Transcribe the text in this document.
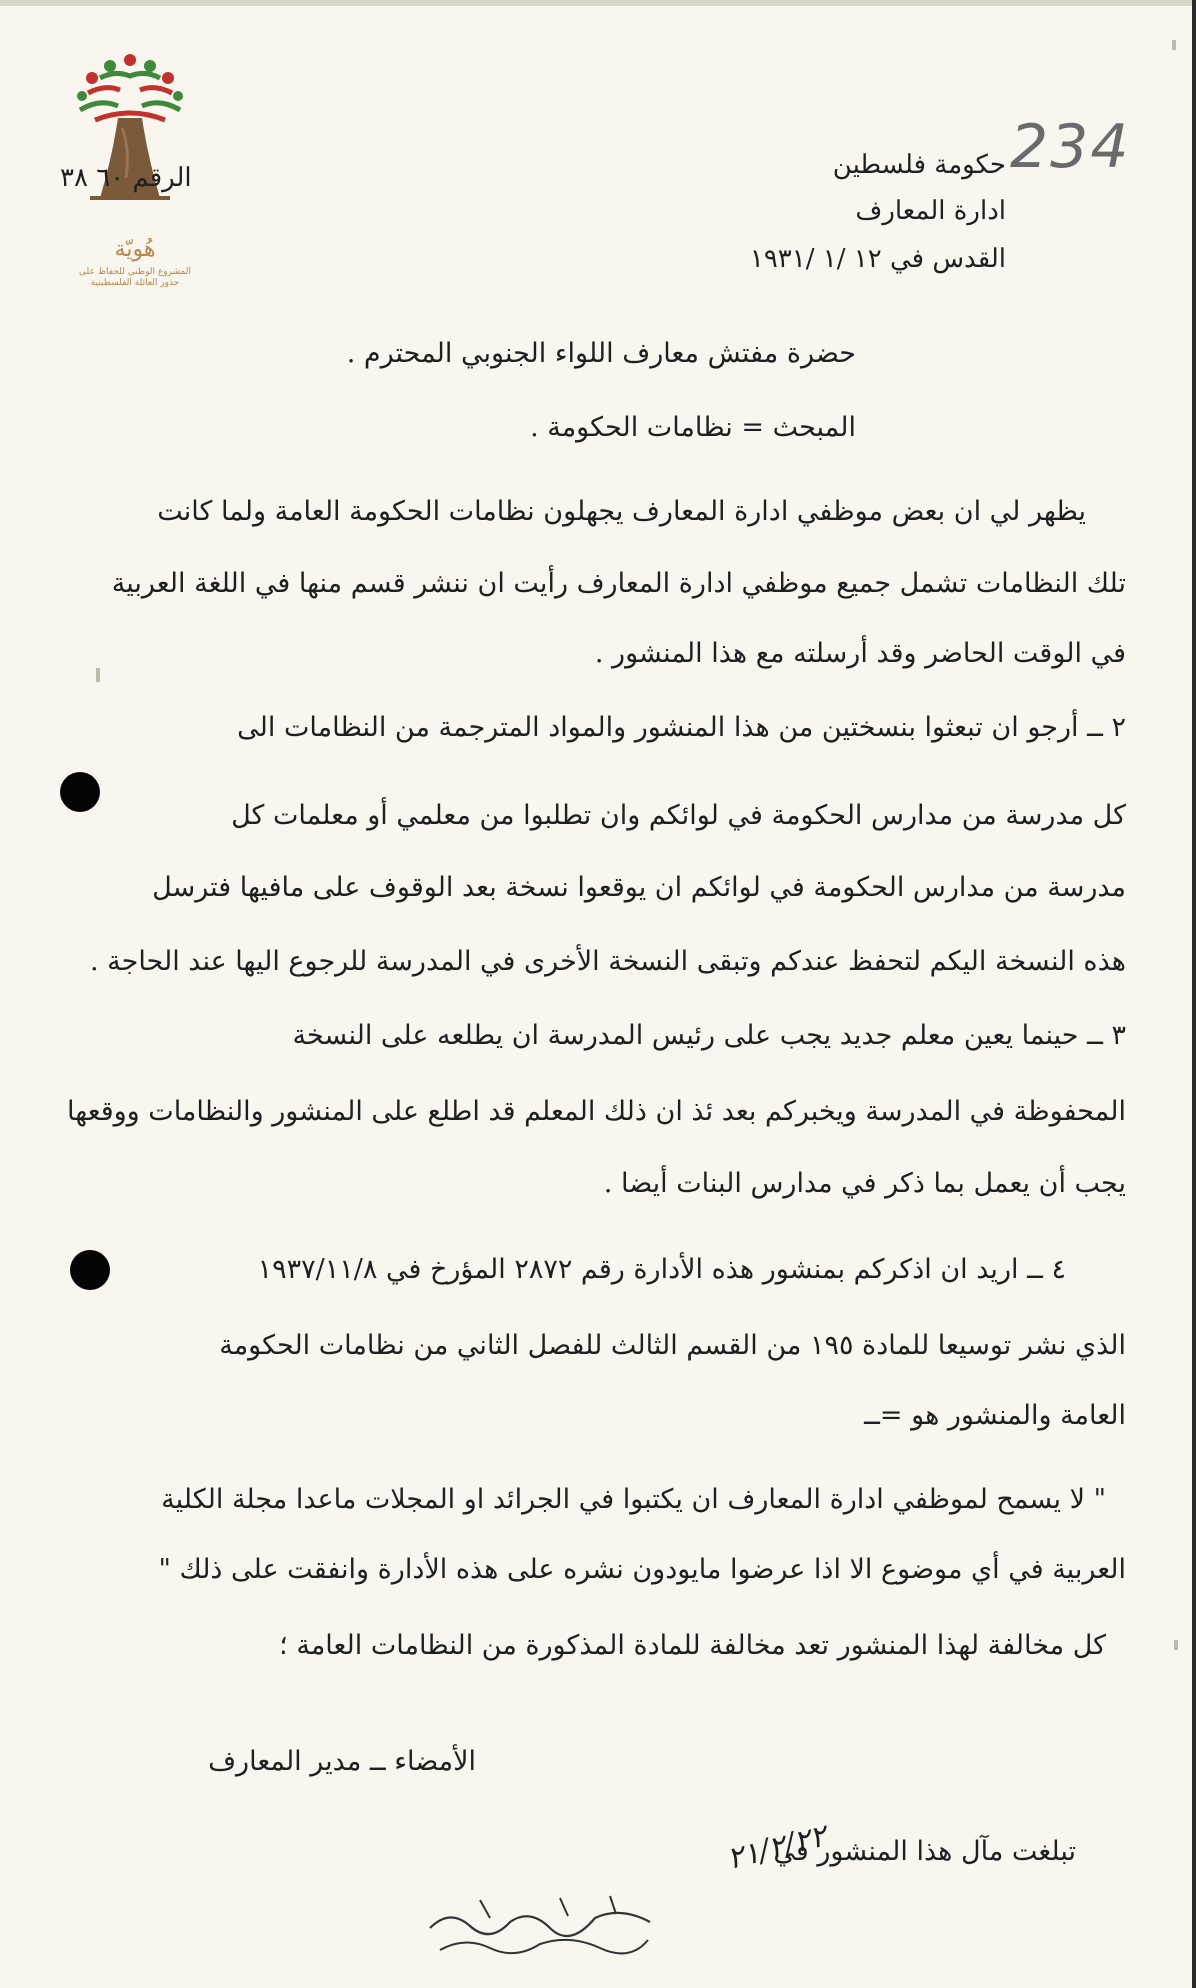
الرقم ٦٠ ٣٨
هُويّة
المشروع الوطني للحفاظ على
جذور العائلة الفلسطينية
234
حكومة فلسطين
ادارة المعارف
القدس في ١٢ /١ /١٩٣١
حضرة مفتش معارف اللواء الجنوبي المحترم .
المبحث = نظامات الحكومة .
يظهر لي ان بعض موظفي ادارة المعارف يجهلون نظامات الحكومة العامة ولما كانت
تلك النظامات تشمل جميع موظفي ادارة المعارف رأيت ان ننشر قسم منها في اللغة العربية
في الوقت الحاضر وقد أرسلته مع هذا المنشور .
٢ ــ أرجو ان تبعثوا بنسختين من هذا المنشور والمواد المترجمة من النظامات الى
كل مدرسة من مدارس الحكومة في لوائكم وان تطلبوا من معلمي أو معلمات كل
مدرسة من مدارس الحكومة في لوائكم ان يوقعوا نسخة بعد الوقوف على مافيها فترسل
هذه النسخة اليكم لتحفظ عندكم وتبقى النسخة الأخرى في المدرسة للرجوع اليها عند الحاجة .
٣ ــ حينما يعين معلم جديد يجب على رئيس المدرسة ان يطلعه على النسخة
المحفوظة في المدرسة ويخبركم بعد ئذ ان ذلك المعلم قد اطلع على المنشور والنظامات ووقعها
يجب أن يعمل بما ذكر في مدارس البنات أيضا .
٤ ــ اريد ان اذكركم بمنشور هذه الأدارة رقم ٢٨٧٢ المؤرخ في ١٩٣٧/١١/٨
الذي نشر توسيعا للمادة ١٩٥ من القسم الثالث للفصل الثاني من نظامات الحكومة
العامة والمنشور هو =ــ
" لا يسمح لموظفي ادارة المعارف ان يكتبوا في الجرائد او المجلات ماعدا مجلة الكلية
العربية في أي موضوع الا اذا عرضوا مايودون نشره على هذه الأدارة وانفقت على ذلك "
كل مخالفة لهذا المنشور تعد مخالفة للمادة المذكورة من النظامات العامة ؛
الأمضاء ــ مدير المعارف
تبلغت مآل هذا المنشور في
٢١/٢/٢٢
